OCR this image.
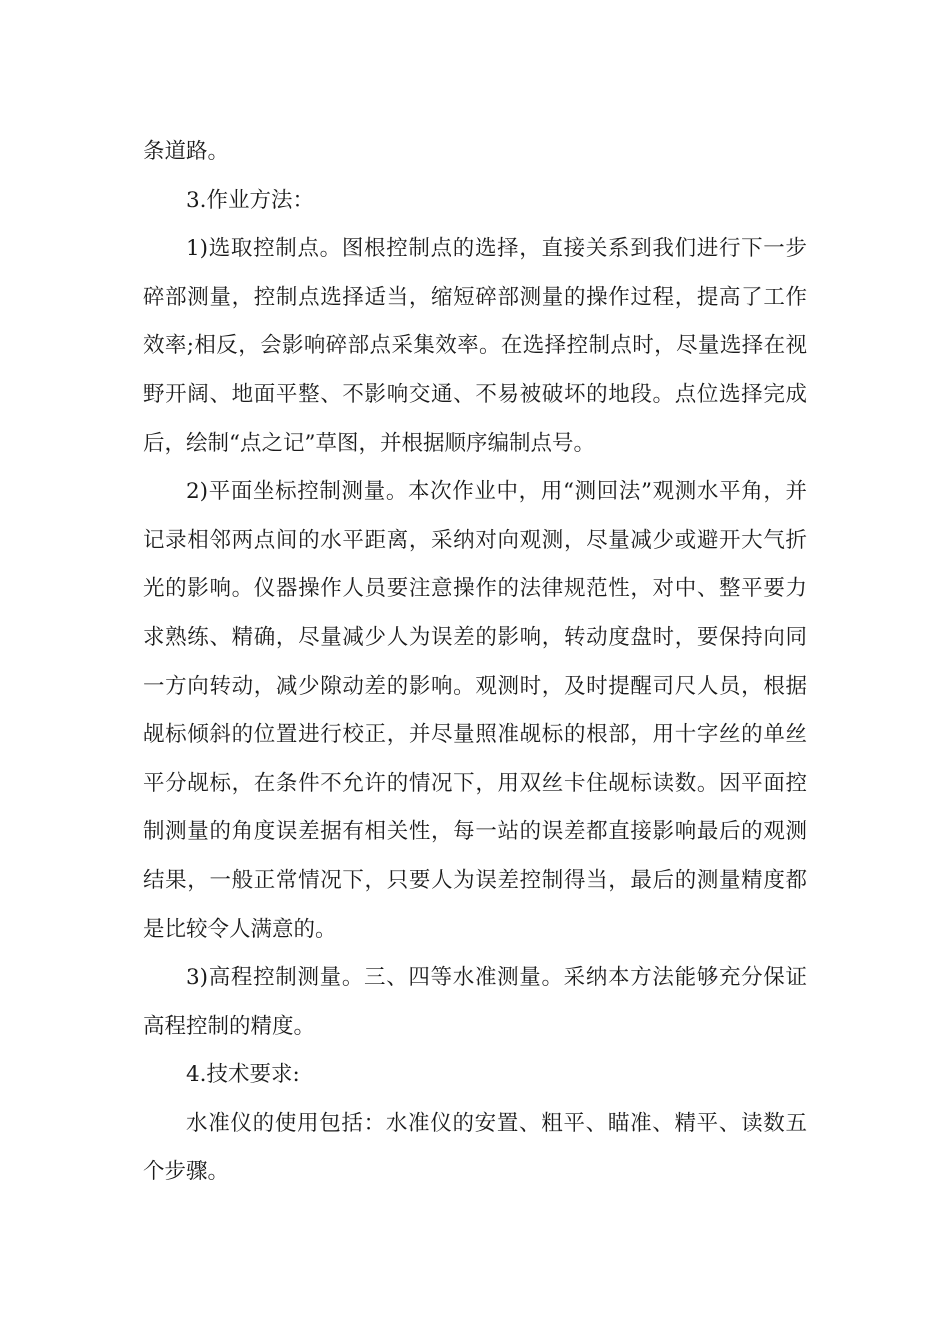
条道路。

3.作业方法：

1)选取控制点。图根控制点的选择，直接关系到我们进行下一步碎部测量，控制点选择适当，缩短碎部测量的操作过程，提高了工作效率;相反，会影响碎部点采集效率。在选择控制点时，尽量选择在视野开阔、地面平整、不影响交通、不易被破坏的地段。点位选择完成后，绘制“点之记”草图，并根据顺序编制点号。

2)平面坐标控制测量。本次作业中，用“测回法”观测水平角，并记录相邻两点间的水平距离，采纳对向观测，尽量减少或避开大气折光的影响。仪器操作人员要注意操作的法律规范性，对中、整平要力求熟练、精确，尽量减少人为误差的影响，转动度盘时，要保持向同一方向转动，减少隙动差的影响。观测时，及时提醒司尺人员，根据觇标倾斜的位置进行校正，并尽量照准觇标的根部，用十字丝的单丝平分觇标，在条件不允许的情况下，用双丝卡住觇标读数。因平面控制测量的角度误差据有相关性，每一站的误差都直接影响最后的观测结果，一般正常情况下，只要人为误差控制得当，最后的测量精度都是比较令人满意的。

3)高程控制测量。三、四等水准测量。采纳本方法能够充分保证高程控制的精度。

4.技术要求:

水准仪的使用包括：水准仪的安置、粗平、瞄准、精平、读数五个步骤。
